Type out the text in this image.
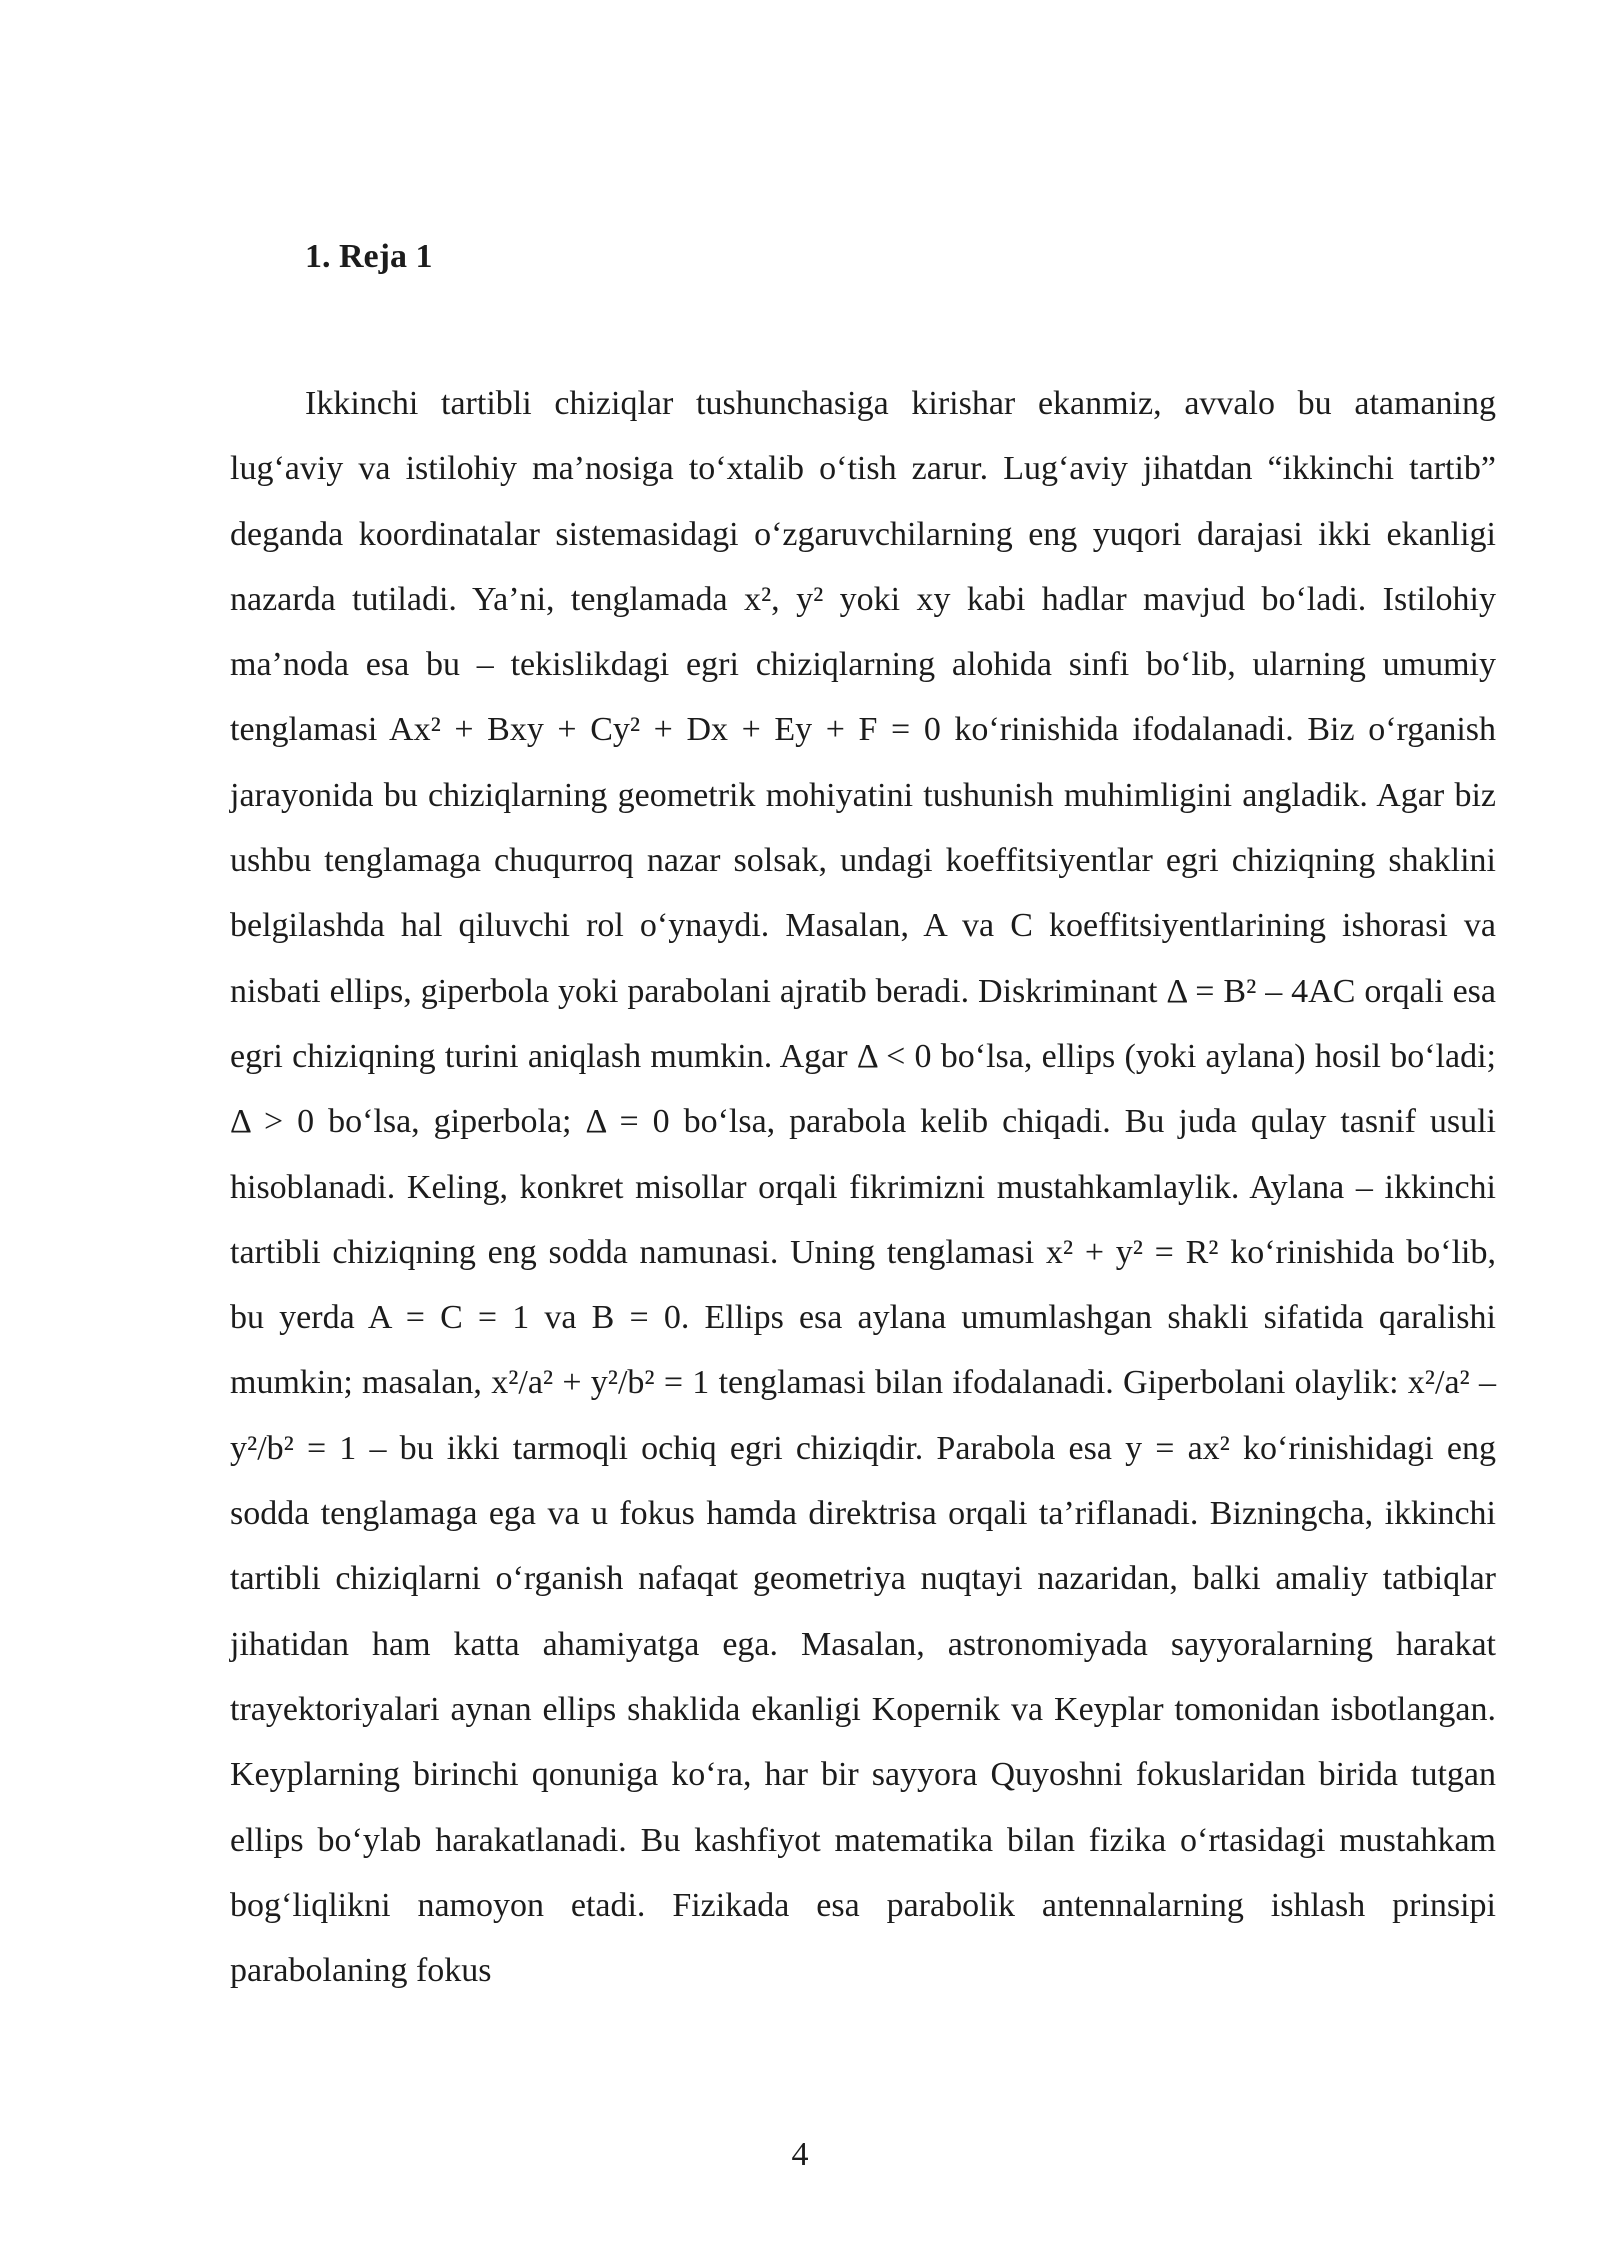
1. Reja 1

Ikkinchi tartibli chiziqlar tushunchasiga kirishar ekanmiz, avvalo bu atamaning lug‘aviy va istilohiy ma’nosiga to‘xtalib o‘tish zarur. Lug‘aviy jihatdan “ikkinchi tartib” deganda koordinatalar sistemasidagi o‘zgaruvchilarning eng yuqori darajasi ikki ekanligi nazarda tutiladi. Ya’ni, tenglamada x², y² yoki xy kabi hadlar mavjud bo‘ladi. Istilohiy ma’noda esa bu – tekislikdagi egri chiziqlarning alohida sinfi bo‘lib, ularning umumiy tenglamasi Ax² + Bxy + Cy² + Dx + Ey + F = 0 ko‘rinishida ifodalanadi. Biz o‘rganish jarayonida bu chiziqlarning geometrik mohiyatini tushunish muhimligini angladik. Agar biz ushbu tenglamaga chuqurroq nazar solsak, undagi koeffitsiyentlar egri chiziqning shaklini belgilashda hal qiluvchi rol o‘ynaydi. Masalan, A va C koeffitsiyentlarining ishorasi va nisbati ellips, giperbola yoki parabolani ajratib beradi. Diskriminant Δ = B² – 4AC orqali esa egri chiziqning turini aniqlash mumkin. Agar Δ < 0 bo‘lsa, ellips (yoki aylana) hosil bo‘ladi; Δ > 0 bo‘lsa, giperbola; Δ = 0 bo‘lsa, parabola kelib chiqadi. Bu juda qulay tasnif usuli hisoblanadi. Keling, konkret misollar orqali fikrimizni mustahkamlaylik. Aylana – ikkinchi tartibli chiziqning eng sodda namunasi. Uning tenglamasi x² + y² = R² ko‘rinishida bo‘lib, bu yerda A = C = 1 va B = 0. Ellips esa aylana umumlashgan shakli sifatida qaralishi mumkin; masalan, x²/a² + y²/b² = 1 tenglamasi bilan ifodalanadi. Giperbolani olaylik: x²/a² – y²/b² = 1 – bu ikki tarmoqli ochiq egri chiziqdir. Parabola esa y = ax² ko‘rinishidagi eng sodda tenglamaga ega va u fokus hamda direktrisa orqali ta’riflanadi. Bizningcha, ikkinchi tartibli chiziqlarni o‘rganish nafaqat geometriya nuqtayi nazaridan, balki amaliy tatbiqlar jihatidan ham katta ahamiyatga ega. Masalan, astronomiyada sayyoralarning harakat trayektoriyalari aynan ellips shaklida ekanligi Kopernik va Keyplar tomonidan isbotlangan. Keyplarning birinchi qonuniga ko‘ra, har bir sayyora Quyoshni fokuslaridan birida tutgan ellips bo‘ylab harakatlanadi. Bu kashfiyot matematika bilan fizika o‘rtasidagi mustahkam bog‘liqlikni namoyon etadi. Fizikada esa parabolik antennalarning ishlash prinsipi parabolaning fokus

4
